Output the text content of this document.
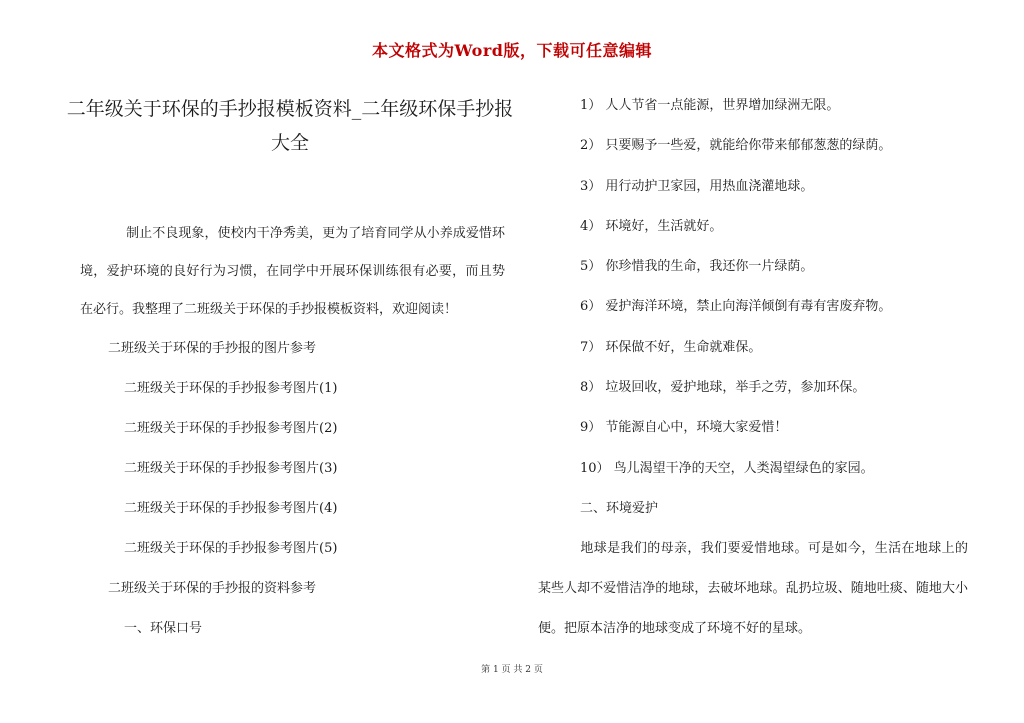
本文格式为Word版，下载可任意编辑
二年级关于环保的手抄报模板资料_二年级环保手抄报大全

制止不良现象，使校内干净秀美，更为了培育同学从小养成爱惜环境，爱护环境的良好行为习惯，在同学中开展环保训练很有必要，而且势在必行。我整理了二班级关于环保的手抄报模板资料，欢迎阅读！

二班级关于环保的手抄报的图片参考
二班级关于环保的手抄报参考图片(1)
二班级关于环保的手抄报参考图片(2)
二班级关于环保的手抄报参考图片(3)
二班级关于环保的手抄报参考图片(4)
二班级关于环保的手抄报参考图片(5)
二班级关于环保的手抄报的资料参考
一、环保口号
1） 人人节省一点能源，世界增加绿洲无限。
2） 只要赐予一些爱，就能给你带来郁郁葱葱的绿荫。
3） 用行动护卫家园，用热血浇灌地球。
4） 环境好，生活就好。
5） 你珍惜我的生命，我还你一片绿荫。
6） 爱护海洋环境，禁止向海洋倾倒有毒有害废弃物。
7） 环保做不好，生命就难保。
8） 垃圾回收，爱护地球，举手之劳，参加环保。
9） 节能源自心中，环境大家爱惜！
10） 鸟儿渴望干净的天空，人类渴望绿色的家园。
二、环境爱护

地球是我们的母亲，我们要爱惜地球。可是如今，生活在地球上的某些人却不爱惜洁净的地球，去破坏地球。乱扔垃圾、随地吐痰、随地大小便。把原本洁净的地球变成了环境不好的星球。

第 1 页 共 2 页
